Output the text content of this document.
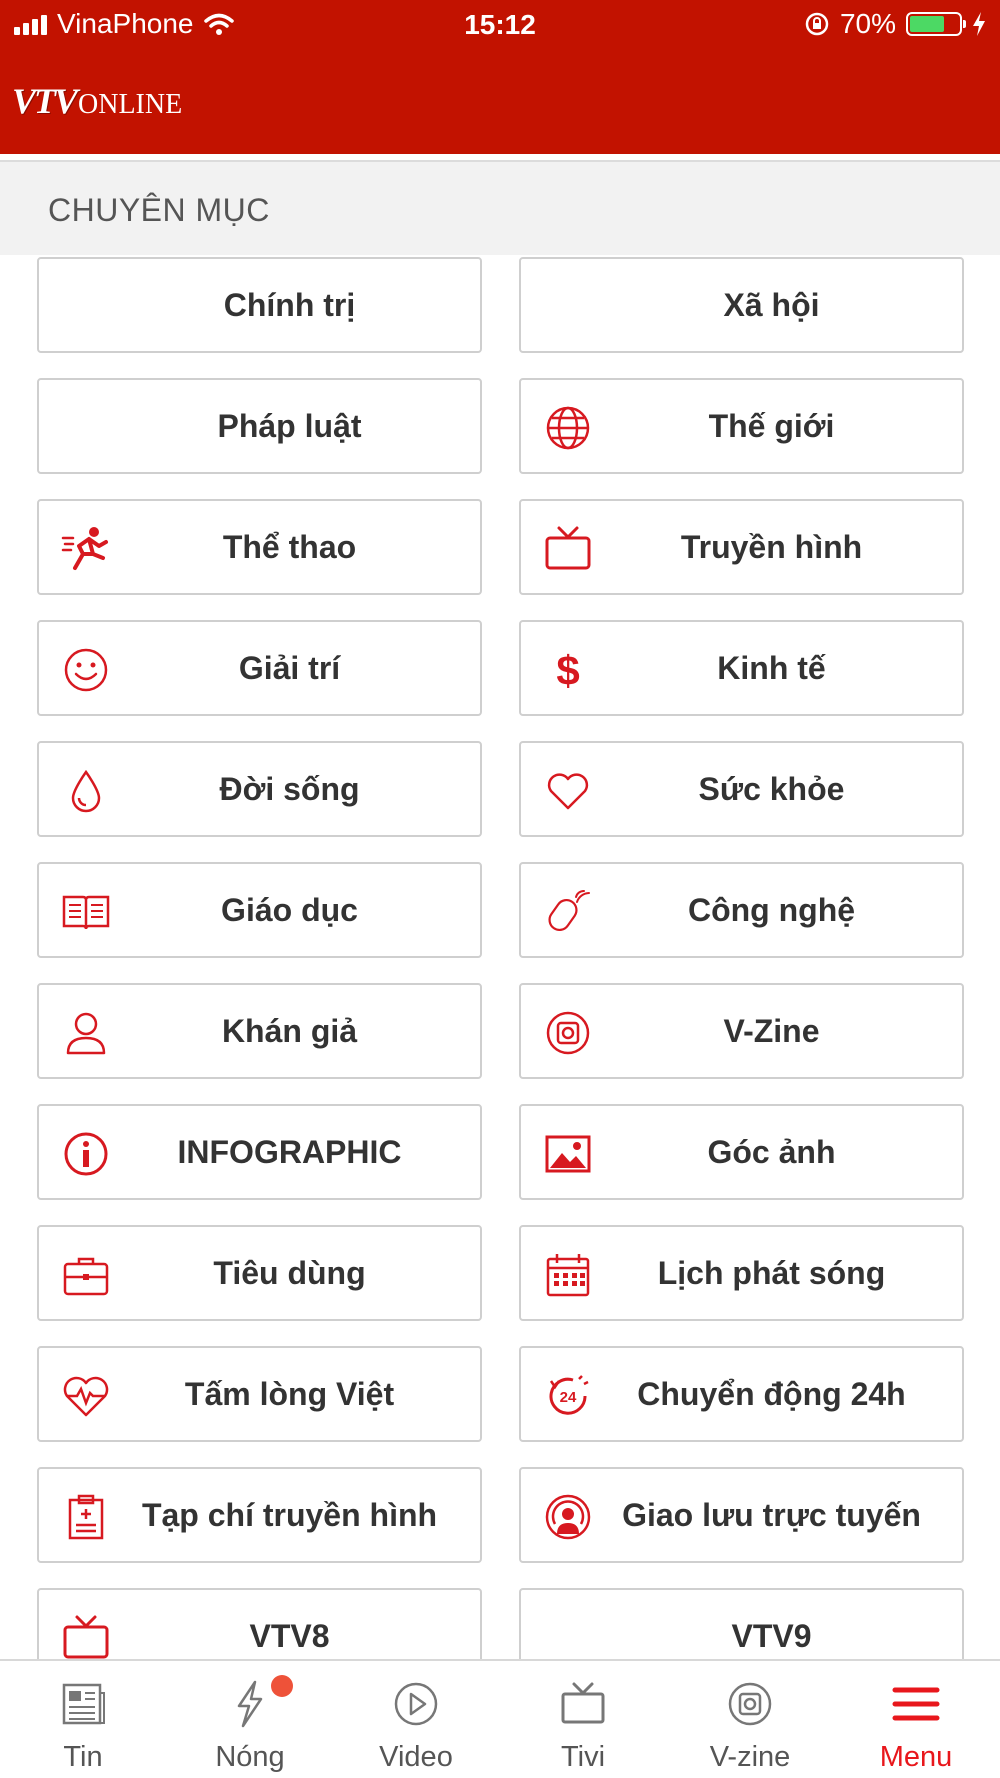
VinaPhone	15:12	70%
VTV ONLINE
CHUYÊN MỤC
Chính trị	Xã hội
Pháp luật	Thế giới
Thể thao	Truyền hình
Giải trí	$	Kinh tế
Đời sống	Sức khỏe
Giáo dục	Công nghệ
Khán giả	V-Zine
INFOGRAPHIC	Góc ảnh
Tiêu dùng	Lịch phát sóng
Tấm lòng Việt	24	Chuyển động 24h
Tạp chí truyền hình	Giao lưu trực tuyến
VTV8	VTV9
Tin	Nóng	Video	Tivi	V-zine	Menu
